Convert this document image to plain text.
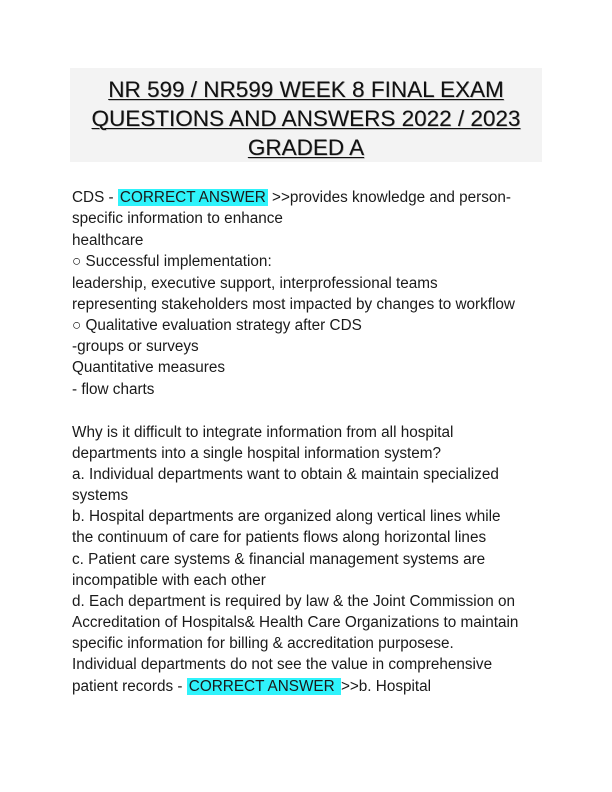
NR 599 / NR599 WEEK 8 FINAL EXAM
QUESTIONS AND ANSWERS 2022 / 2023
GRADED A
CDS - CORRECT ANSWER >>provides knowledge and person-
specific information to enhance
healthcare
○ Successful implementation:
leadership, executive support, interprofessional teams
representing stakeholders most impacted by changes to workflow
○ Qualitative evaluation strategy after CDS
-groups or surveys
Quantitative measures
- flow charts
Why is it difficult to integrate information from all hospital
departments into a single hospital information system?
a. Individual departments want to obtain & maintain specialized
systems
b. Hospital departments are organized along vertical lines while
the continuum of care for patients flows along horizontal lines
c. Patient care systems & financial management systems are
incompatible with each other
d. Each department is required by law & the Joint Commission on
Accreditation of Hospitals& Health Care Organizations to maintain
specific information for billing & accreditation purposese.
Individual departments do not see the value in comprehensive
patient records - CORRECT ANSWER >>b. Hospital
